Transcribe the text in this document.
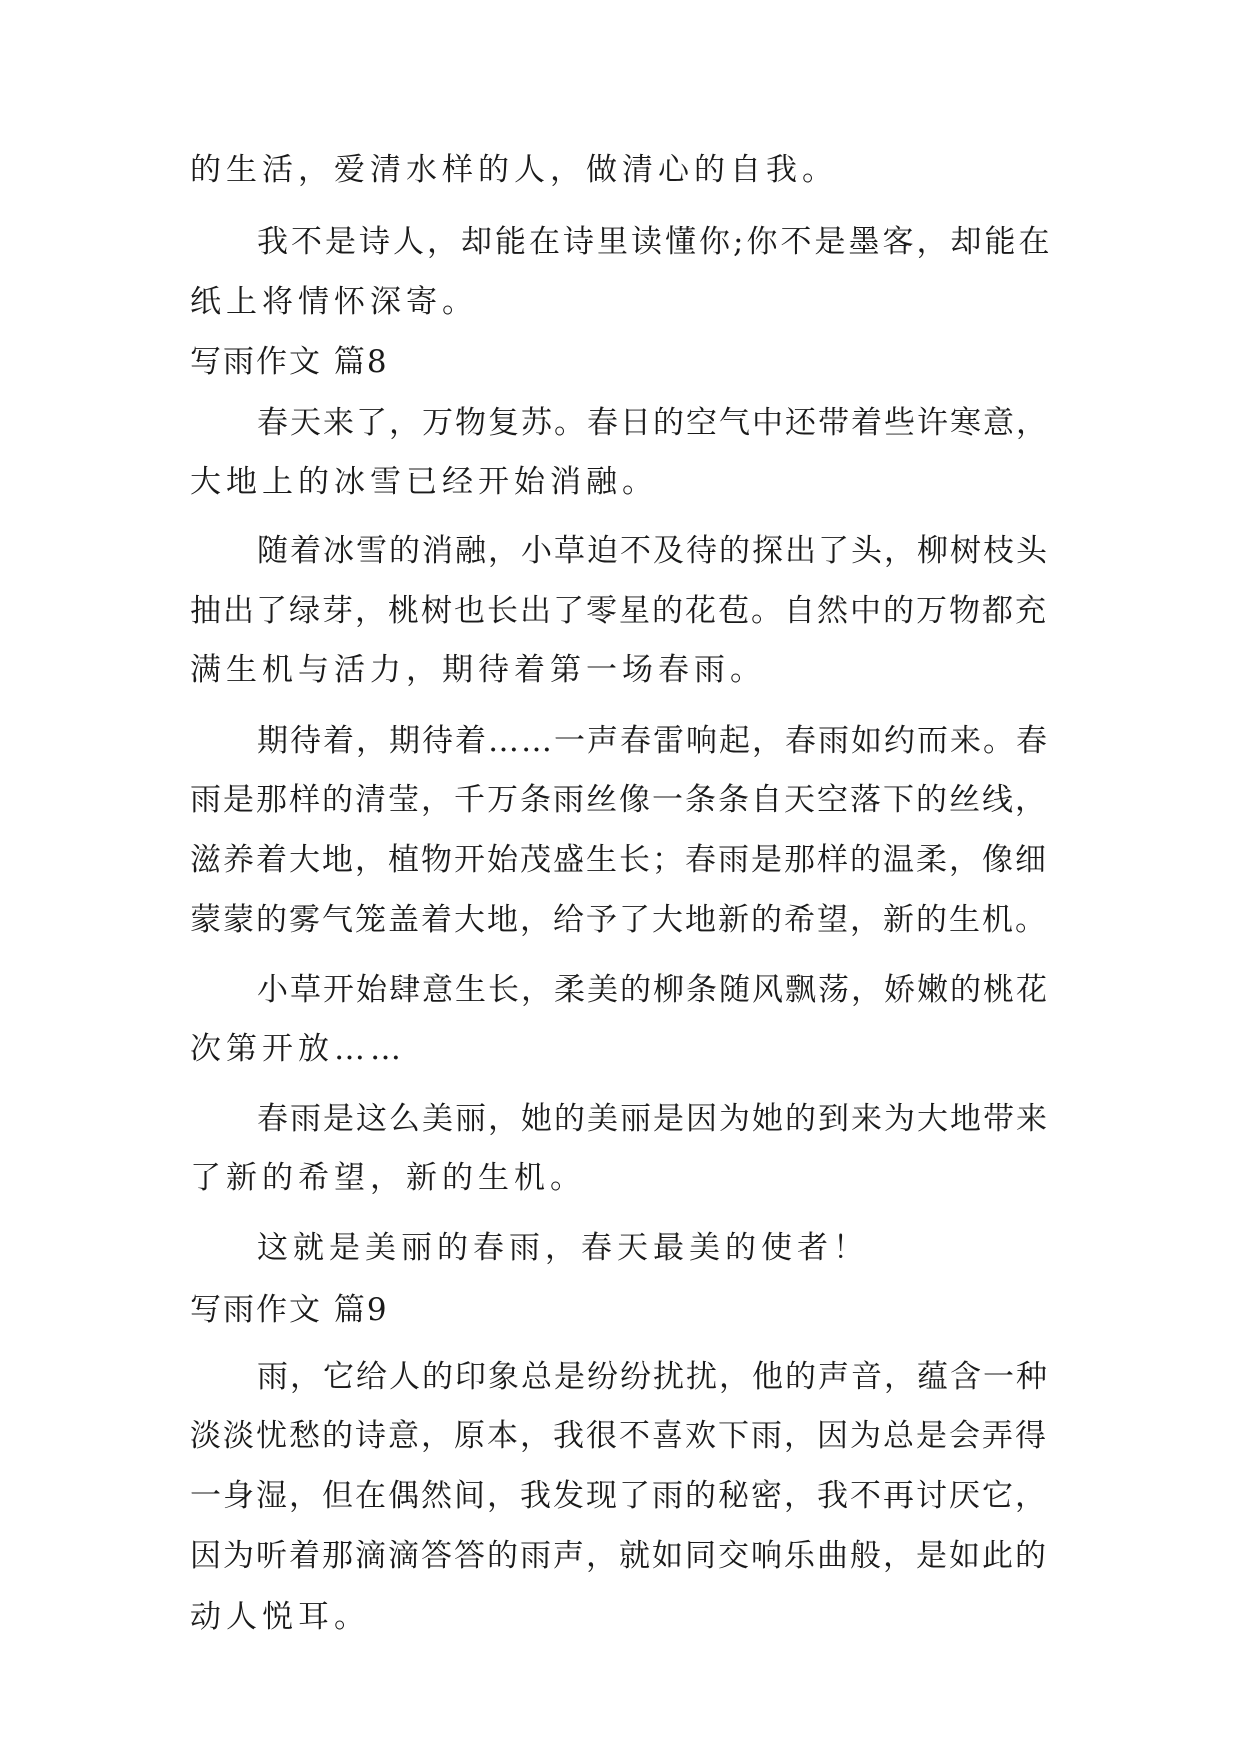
的生活，爱清水样的人，做清心的自我。
我不是诗人，却能在诗里读懂你;你不是墨客，却能在
纸上将情怀深寄。
写雨作文 篇8
春天来了，万物复苏。春日的空气中还带着些许寒意，
大地上的冰雪已经开始消融。
随着冰雪的消融，小草迫不及待的探出了头，柳树枝头
抽出了绿芽，桃树也长出了零星的花苞。自然中的万物都充
满生机与活力，期待着第一场春雨。
期待着，期待着……一声春雷响起，春雨如约而来。春
雨是那样的清莹，千万条雨丝像一条条自天空落下的丝线，
滋养着大地，植物开始茂盛生长；春雨是那样的温柔，像细
蒙蒙的雾气笼盖着大地，给予了大地新的希望，新的生机。
小草开始肆意生长，柔美的柳条随风飘荡，娇嫩的桃花
次第开放……
春雨是这么美丽，她的美丽是因为她的到来为大地带来
了新的希望，新的生机。
这就是美丽的春雨，春天最美的使者！
写雨作文 篇9
雨，它给人的印象总是纷纷扰扰，他的声音，蕴含一种
淡淡忧愁的诗意，原本，我很不喜欢下雨，因为总是会弄得
一身湿，但在偶然间，我发现了雨的秘密，我不再讨厌它，
因为听着那滴滴答答的雨声，就如同交响乐曲般，是如此的
动人悦耳。
